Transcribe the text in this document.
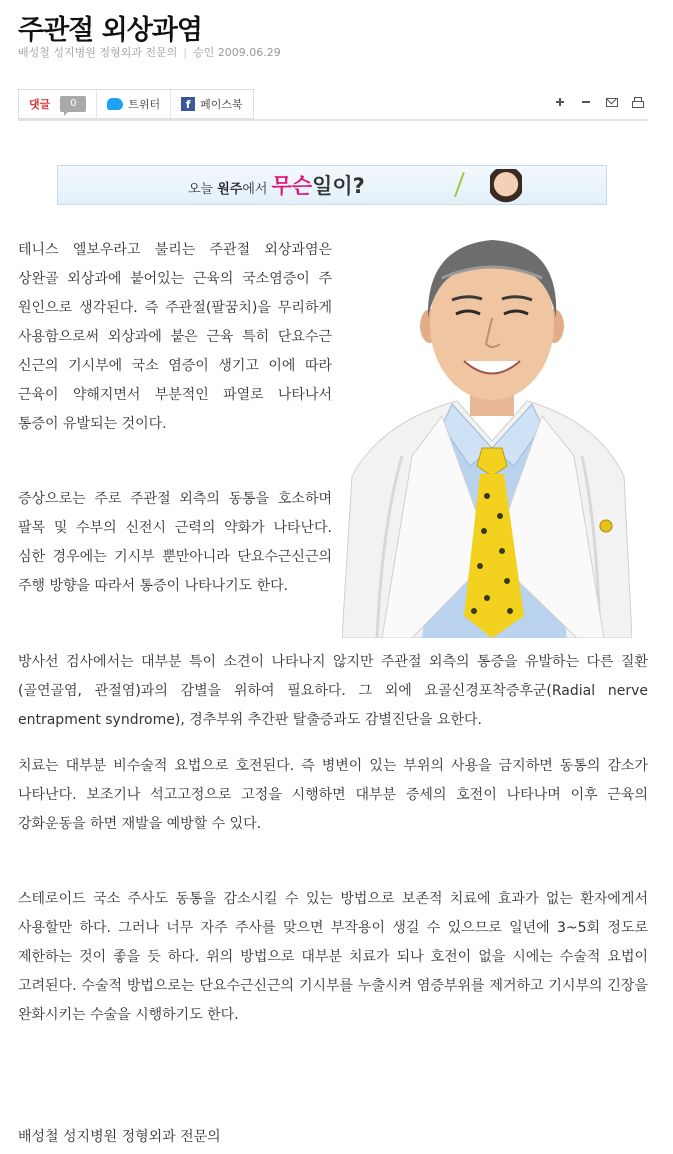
주관절 외상과염
배성철 성지병원 정형외과 전문의 | 승인 2009.06.29
댓글	0	트위터	f 페이스북
오늘 원주에서 무슨일이?
테니스 엘보우라고 불리는 주관절 외상과염은 상완골 외상과에 붙어있는 근육의 국소염증이 주 원인으로 생각된다. 즉 주관절(팔꿈치)을 무리하게 사용함으로써 외상과에 붙은 근육 특히 단요수근 신근의 기시부에 국소 염증이 생기고 이에 따라 근육이 약해지면서 부분적인 파열로 나타나서 통증이 유발되는 것이다.
증상으로는 주로 주관절 외측의 동통을 호소하며 팔목 및 수부의 신전시 근력의 약화가 나타난다. 심한 경우에는 기시부 뿐만아니라 단요수근신근의 주행 방향을 따라서 통증이 나타나기도 한다.
방사선 검사에서는 대부분 특이 소견이 나타나지 않지만 주관절 외측의 통증을 유발하는 다른 질환(골연골염, 관절염)과의 감별을 위하여 필요하다. 그 외에 요골신경포착증후군(Radial nerve entrapment syndrome), 경추부위 추간판 탈출증과도 감별진단을 요한다.
치료는 대부분 비수술적 요법으로 호전된다. 즉 병변이 있는 부위의 사용을 금지하면 동통의 감소가 나타난다. 보조기나 석고고정으로 고정을 시행하면 대부분 증세의 호전이 나타나며 이후 근육의 강화운동을 하면 재발을 예방할 수 있다.
스테로이드 국소 주사도 동통을 감소시킬 수 있는 방법으로 보존적 치료에 효과가 없는 환자에게서 사용할만 하다. 그러나 너무 자주 주사를 맞으면 부작용이 생길 수 있으므로 일년에 3~5회 정도로 제한하는 것이 좋을 듯 하다. 위의 방법으로 대부분 치료가 되나 호전이 없을 시에는 수술적 요법이 고려된다. 수술적 방법으로는 단요수근신근의 기시부를 누출시켜 염증부위를 제거하고 기시부의 긴장을 완화시키는 수술을 시행하기도 한다.
배성철 성지병원 정형외과 전문의
